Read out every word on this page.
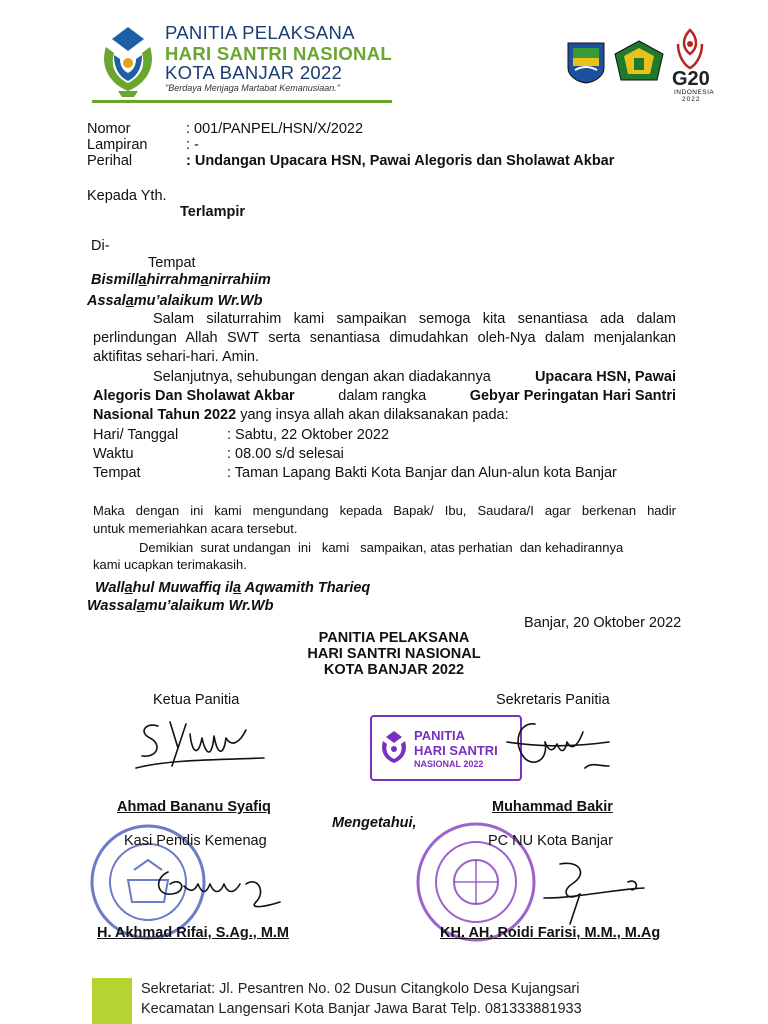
PANITIA PELAKSANA
HARI SANTRI NASIONAL
KOTA BANJAR 2022
"Berdaya Menjaga Martabat Kemanusiaan."	G20
INDONESIA
2022
Nomor	: 001/PANPEL/HSN/X/2022
Lampiran	: -
Perihal	: Undangan Upacara HSN, Pawai Alegoris dan Sholawat Akbar
Kepada Yth.
Terlampir
Di-
Tempat
Bismillahirrahmanirrahiim
Assalamu’alaikum Wr.Wb
Salam silaturrahim kami sampaikan semoga kita senantiasa ada dalam
perlindungan Allah SWT serta senantiasa dimudahkan oleh-Nya dalam menjalankan
aktifitas sehari-hari. Amin.
Selanjutnya, sehubungan dengan akan diadakannya	Upacara HSN, Pawai
Alegoris Dan Sholawat Akbar	dalam rangka	Gebyar Peringatan Hari Santri
Nasional Tahun 2022 yang insya allah akan dilaksanakan pada:
Hari/ Tanggal	: Sabtu, 22 Oktober 2022
Waktu	: 08.00 s/d selesai
Tempat	: Taman Lapang Bakti Kota Banjar dan Alun-alun kota Banjar
Maka dengan ini kami mengundang kepada Bapak/ Ibu, Saudara/I agar berkenan hadir
untuk memeriahkan acara tersebut.
Demikian  surat undangan  ini   kami   sampaikan, atas perhatian  dan kehadirannya
kami ucapkan terimakasih.
Wallahul Muwaffiq ila Aqwamith Tharieq
Wassalamu’alaikum Wr.Wb
Banjar, 20 Oktober 2022
PANITIA PELAKSANA
HARI SANTRI NASIONAL
KOTA BANJAR 2022
Ketua Panitia	Sekretaris Panitia
PANITIA
HARI SANTRI
NASIONAL 2022
Ahmad Bananu Syafiq	Muhammad Bakir
Mengetahui,
Kasi Pendis Kemenag	PC NU Kota Banjar
H. Akhmad Rifai, S.Ag., M.M	KH. AH. Roidi Farisi, M.M., M.Ag
Sekretariat: Jl. Pesantren No. 02 Dusun Citangkolo Desa Kujangsari
Kecamatan Langensari Kota Banjar Jawa Barat Telp. 081333881933
